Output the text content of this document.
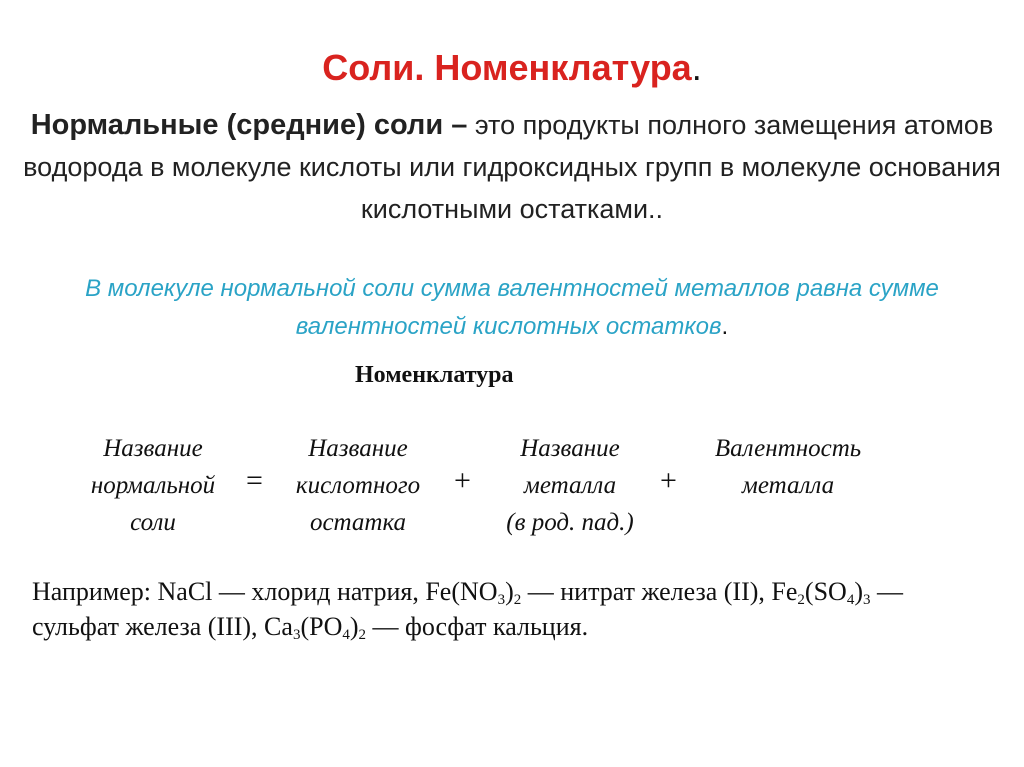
Соли. Номенклатура.
Нормальные (средние) соли – это продукты полного замещения атомов водорода в молекуле кислоты или гидроксидных групп в молекуле основания кислотными остатками..
В молекуле нормальной соли сумма валентностей металлов равна сумме валентностей кислотных остатков.
Номенклатура
Название
нормальной
соли
=
Название
кислотного
остатка
+
Название
металла
(в род. пад.)
+
Валентность
металла
Например: NaCl — хлорид натрия, $Fe(NO_3)_2$ — нитрат железа (II), $Fe_2(SO_4)_3$ — сульфат железа (III), $Ca_3(PO_4)_2$ — фосфат кальция.
